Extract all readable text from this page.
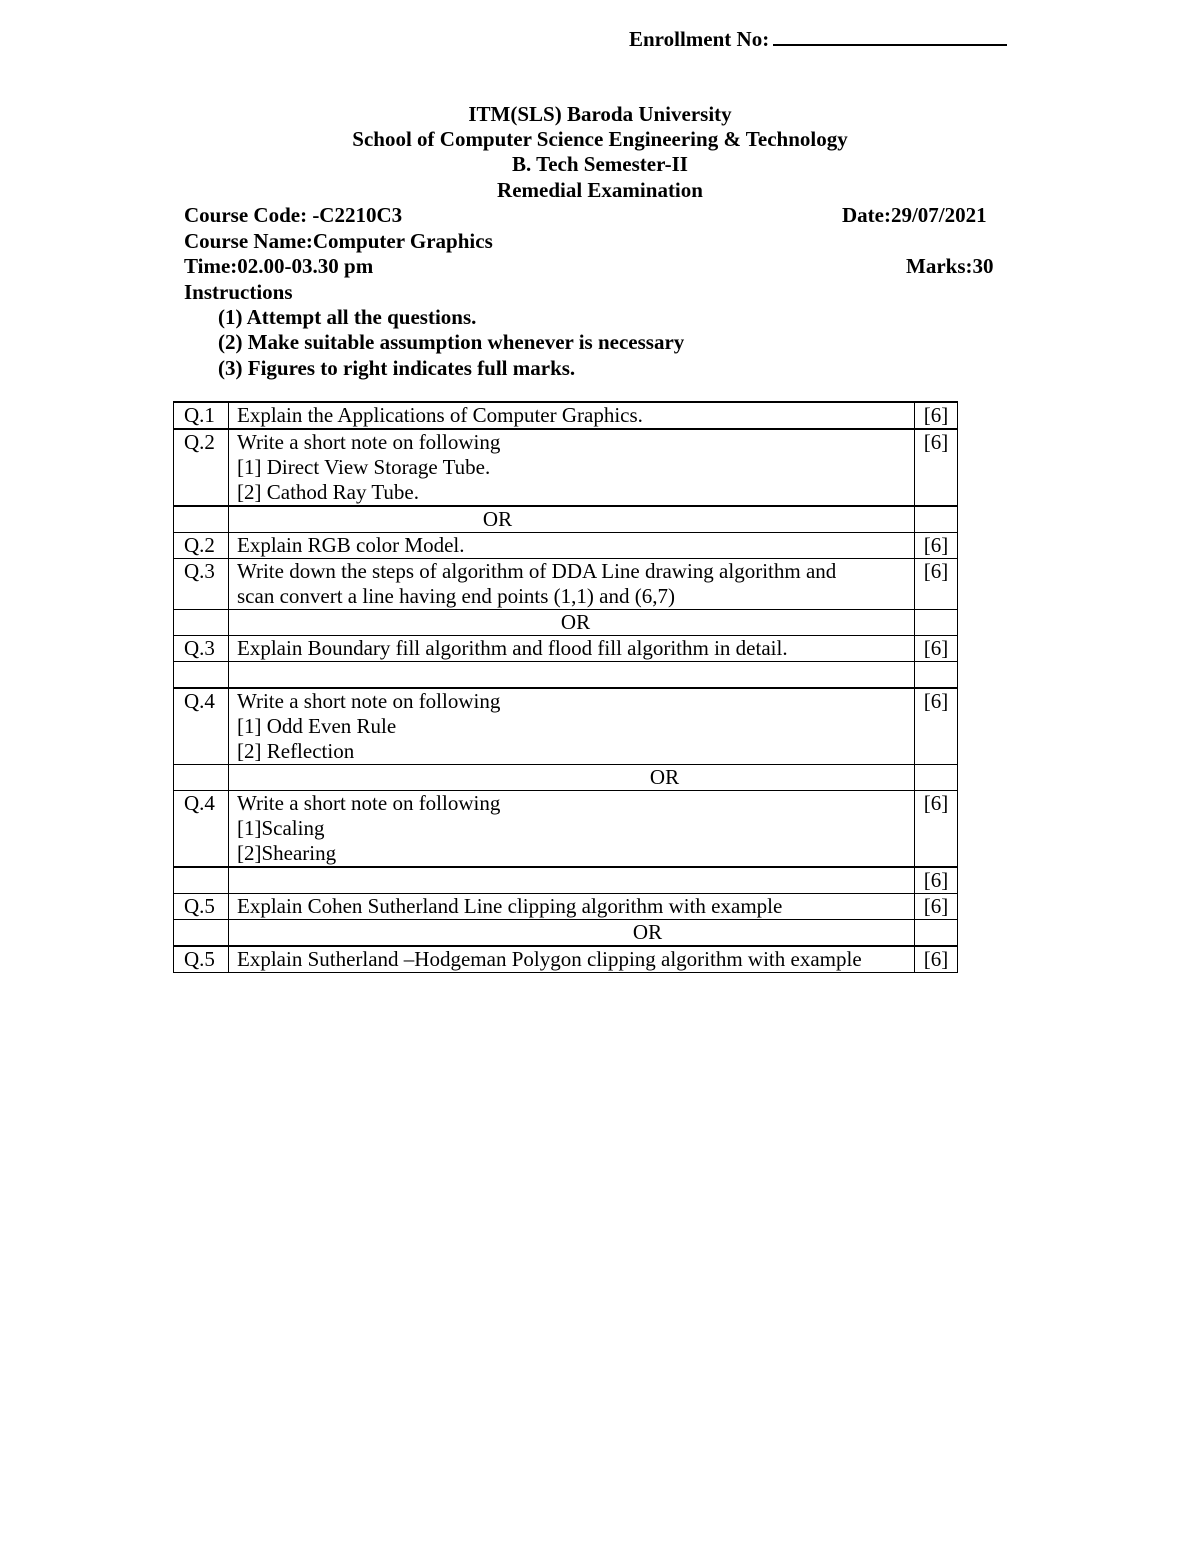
Enrollment No:
ITM(SLS) Baroda University
School of Computer Science Engineering & Technology
B. Tech Semester-II
Remedial Examination
Course Code: -C2210C3	Date:29/07/2021
Course Name:Computer Graphics
Time:02.00-03.30 pm	Marks:30
Instructions
(1) Attempt all the questions.
(2) Make suitable assumption whenever is necessary
(3) Figures to right indicates full marks.
Q.1	Explain the Applications of Computer Graphics.	[6]
Q.2	Write a short note on following
[1] Direct View Storage Tube.
[2] Cathod Ray Tube.	[6]
	OR	
Q.2	Explain RGB color Model.	[6]
Q.3	Write down the steps of algorithm of DDA Line drawing algorithm and
scan convert a line having end points (1,1) and (6,7)	[6]
	OR	
Q.3	Explain Boundary fill algorithm and flood fill algorithm in detail.	[6]

Q.4	Write a short note on following
[1] Odd Even Rule
[2] Reflection	[6]
	OR	
Q.4	Write a short note on following
[1]Scaling
[2]Shearing	[6]
		[6]
Q.5	Explain Cohen Sutherland Line clipping algorithm with example	[6]
	OR	
Q.5	Explain Sutherland –Hodgeman Polygon clipping algorithm with example	[6]
